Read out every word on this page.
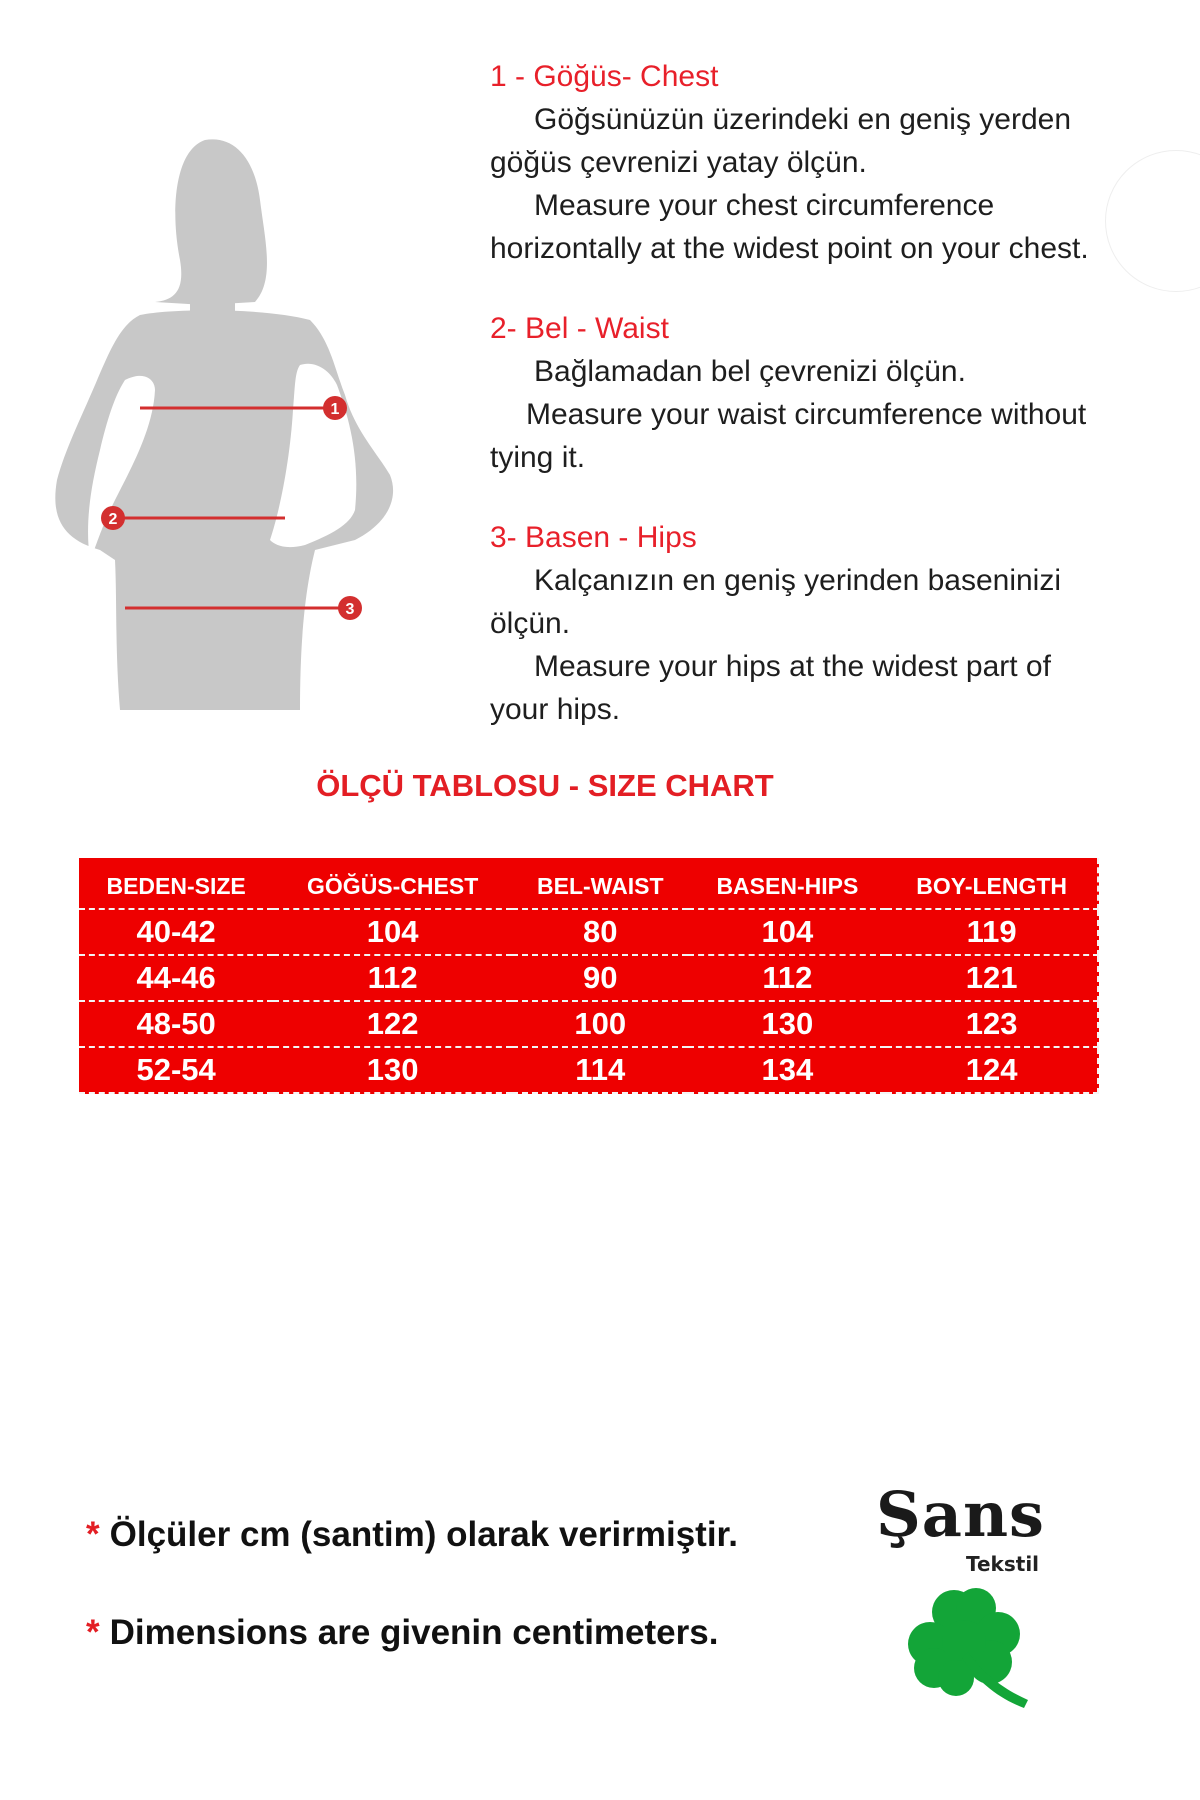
1
2
3
1 - Göğüs- Chest
Göğsünüzün üzerindeki en geniş yerden
göğüs çevrenizi yatay ölçün.
Measure your chest circumference
horizontally at the widest point on your chest.
2- Bel - Waist
Bağlamadan bel çevrenizi ölçün.
Measure your waist circumference without
tying it.
3- Basen - Hips
Kalçanızın en geniş yerinden baseninizi
ölçün.
Measure your hips at the widest part of
your hips.
ÖLÇÜ TABLOSU - SIZE CHART
BEDEN-SIZE	GÖĞÜS-CHEST	BEL-WAIST	BASEN-HIPS	BOY-LENGTH
40-42	104	80	104	119
44-46	112	90	112	121
48-50	122	100	130	123
52-54	130	114	134	124
* Ölçüler cm (santim) olarak verirmiştir.
* Dimensions are givenin centimeters.
Şans
Tekstil
